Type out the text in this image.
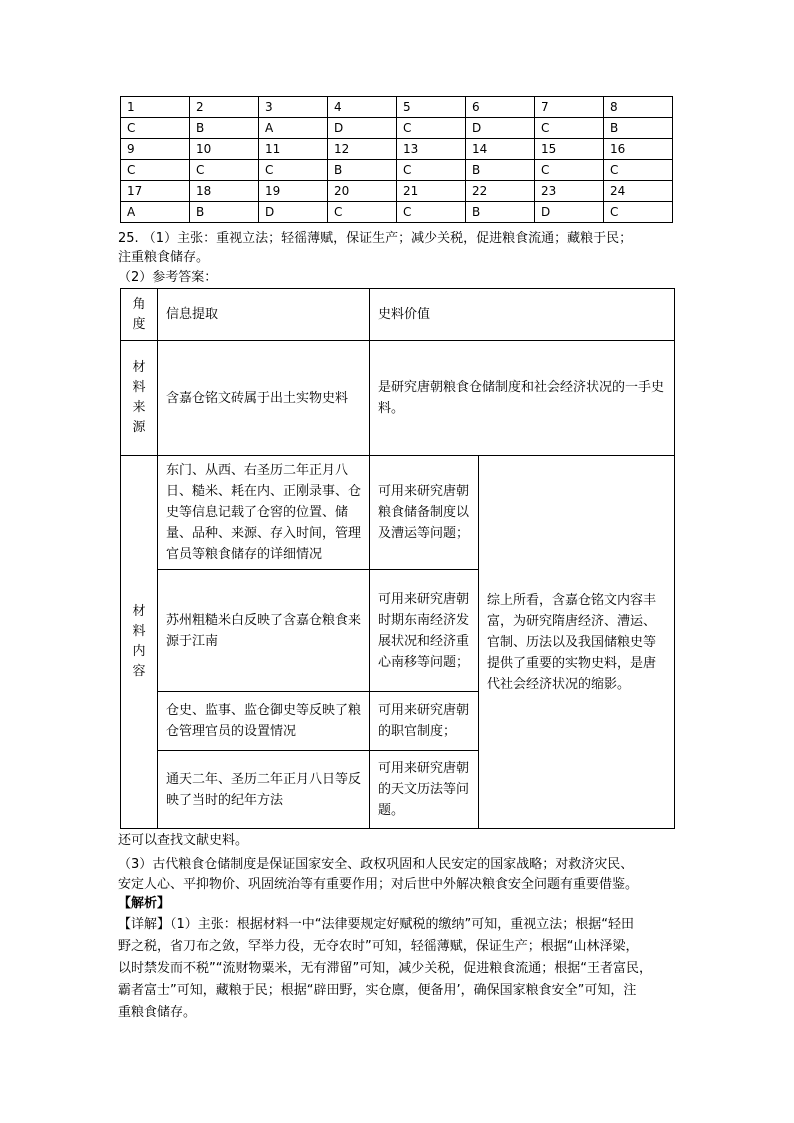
1	2	3	4	5	6	7	8
C	B	A	D	C	D	C	B
9	10	11	12	13	14	15	16
C	C	C	B	C	B	C	C
17	18	19	20	21	22	23	24
A	B	D	C	C	B	D	C
25. （1）主张：重视立法；轻徭薄赋，保证生产；减少关税，促进粮食流通；藏粮于民；
注重粮食储存。
（2）参考答案：
角度	信息提取	史料价值	
材料来源	含嘉仓铭文砖属于出土实物史料	是研究唐朝粮食仓储制度和社会经济状况的一手史料。	
材料内容	东门、从西、右圣历二年正月八日、糙米、耗在内、正刚录事、仓史等信息记载了仓窖的位置、储量、品种、来源、存入时间，管理官员等粮食储存的详细情况	可用来研究唐朝粮食储备制度以及漕运等问题；	综上所看，含嘉仓铭文内容丰富，为研究隋唐经济、漕运、官制、历法以及我国储粮史等提供了重要的实物史料，是唐代社会经济状况的缩影。
	苏州粗糙米白反映了含嘉仓粮食来源于江南	可用来研究唐朝时期东南经济发展状况和经济重心南移等问题；	
	仓史、监事、监仓御史等反映了粮仓管理官员的设置情况	可用来研究唐朝的职官制度；	
	通天二年、圣历二年正月八日等反映了当时的纪年方法	可用来研究唐朝的天文历法等问题。	
还可以查找文献史料。
（3）古代粮食仓储制度是保证国家安全、政权巩固和人民安定的国家战略；对救济灾民、
安定人心、平抑物价、巩固统治等有重要作用；对后世中外解决粮食安全问题有重要借鉴。
【解析】
【详解】（1）主张：根据材料一中“法律要规定好赋税的缴纳”可知，重视立法；根据“轻田
野之税，省刀布之敛，罕举力役，无夺农时”可知，轻徭薄赋，保证生产；根据“山林泽梁，
以时禁发而不税”“流财物粟米，无有滞留”可知，减少关税，促进粮食流通；根据“王者富民，
霸者富士”可知，藏粮于民；根据“辟田野，实仓廪，便备用’，确保国家粮食安全”可知，注
重粮食储存。
